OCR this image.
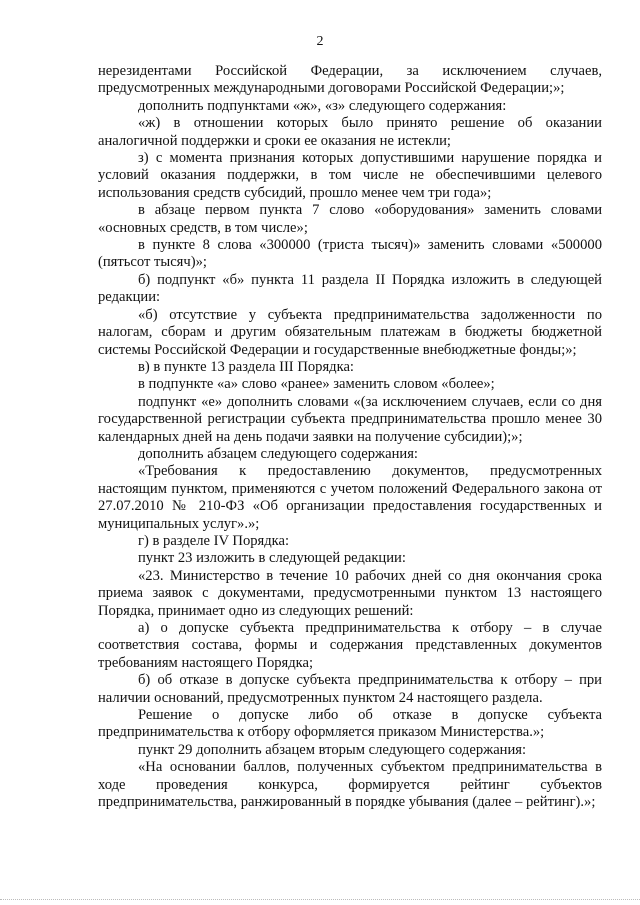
2

нерезидентами Российской Федерации, за исключением случаев, предусмотренных международными договорами Российской Федерации;»;

дополнить подпунктами «ж», «з» следующего содержания:

«ж) в отношении которых было принято решение об оказании аналогичной поддержки и сроки ее оказания не истекли;

з) с момента признания которых допустившими нарушение порядка и условий оказания поддержки, в том числе не обеспечившими целевого использования средств субсидий, прошло менее чем три года»;

в абзаце первом пункта 7 слово «оборудования» заменить словами «основных средств, в том числе»;

в пункте 8 слова «300000 (триста тысяч)» заменить словами «500000 (пятьсот тысяч)»;

б) подпункт «б» пункта 11 раздела II Порядка изложить в следующей редакции:

«б) отсутствие у субъекта предпринимательства задолженности по налогам, сборам и другим обязательным платежам в бюджеты бюджетной системы Российской Федерации и государственные внебюджетные фонды;»;

в) в пункте 13 раздела III Порядка:

в подпункте «а» слово «ранее» заменить словом «более»;

подпункт «е» дополнить словами «(за исключением случаев, если со дня государственной регистрации субъекта предпринимательства прошло менее 30 календарных дней на день подачи заявки на получение субсидии);»;

дополнить абзацем следующего содержания:

«Требования к предоставлению документов, предусмотренных настоящим пунктом, применяются с учетом положений Федерального закона от 27.07.2010 № 210-ФЗ «Об организации предоставления государственных и муниципальных услуг».»;

г) в разделе IV Порядка:

пункт 23 изложить в следующей редакции:

«23. Министерство в течение 10 рабочих дней со дня окончания срока приема заявок с документами, предусмотренными пунктом 13 настоящего Порядка, принимает одно из следующих решений:

а) о допуске субъекта предпринимательства к отбору – в случае соответствия состава, формы и содержания представленных документов требованиям настоящего Порядка;

б) об отказе в допуске субъекта предпринимательства к отбору – при наличии оснований, предусмотренных пунктом 24 настоящего раздела.

Решение о допуске либо об отказе в допуске субъекта предпринимательства к отбору оформляется приказом Министерства.»;

пункт 29 дополнить абзацем вторым следующего содержания:

«На основании баллов, полученных субъектом предпринимательства в ходе проведения конкурса, формируется рейтинг субъектов предпринимательства, ранжированный в порядке убывания (далее – рейтинг).»;
